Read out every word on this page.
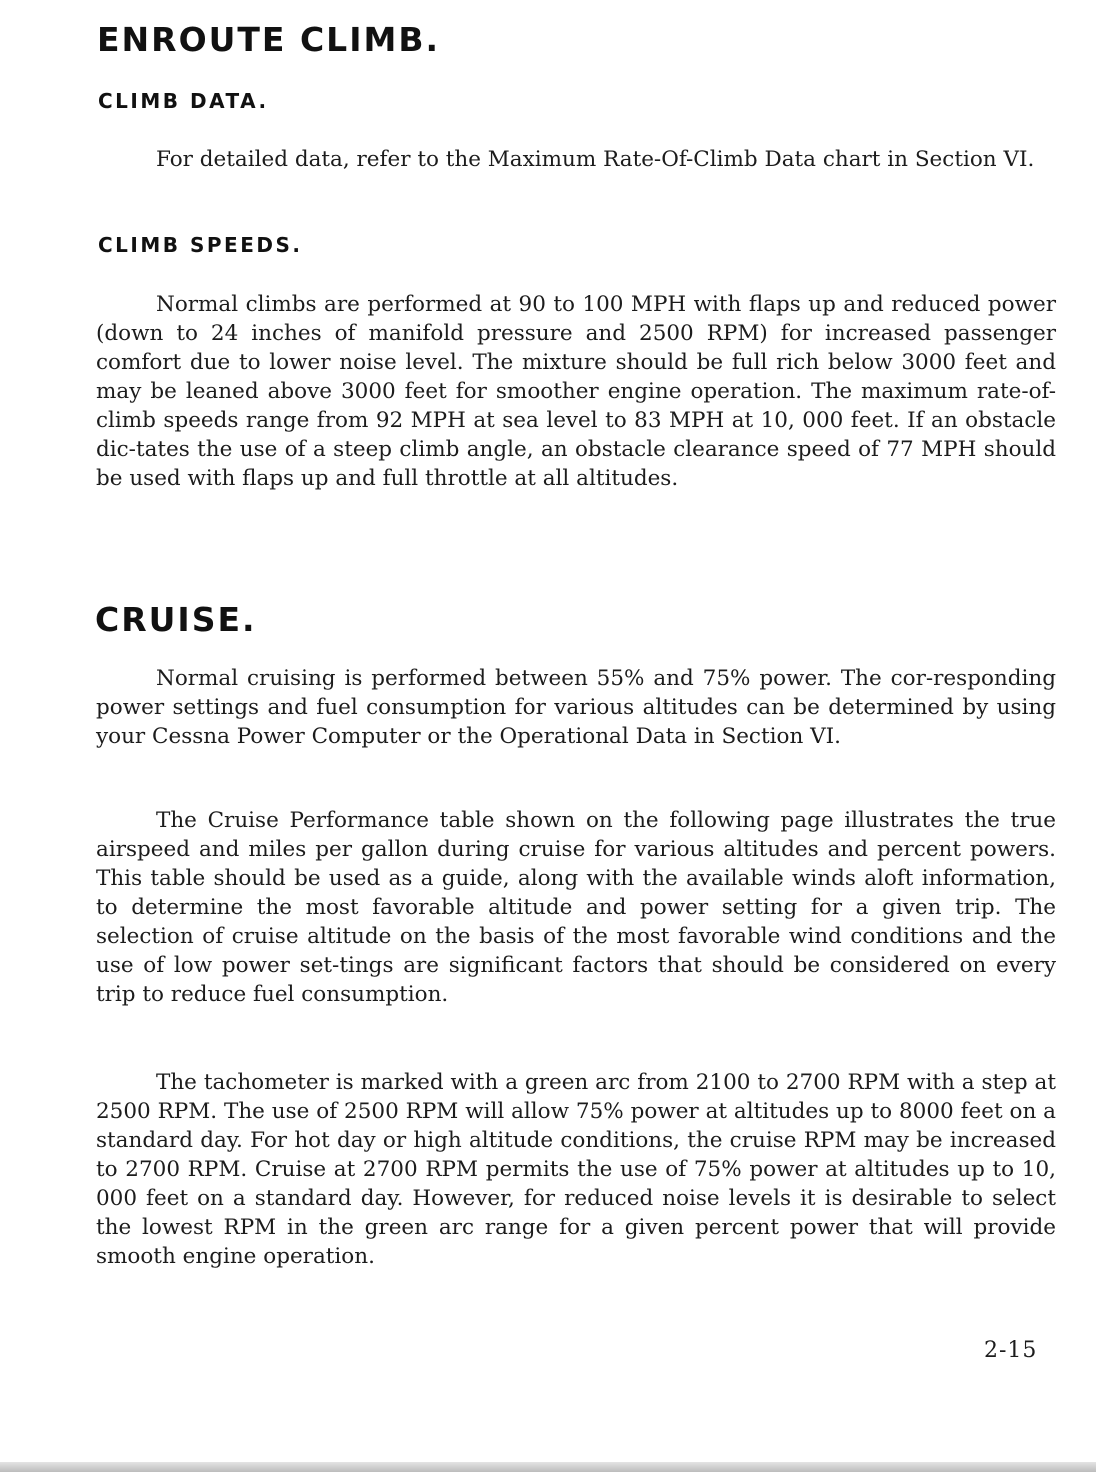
ENROUTE CLIMB.
CLIMB DATA.

For detailed data, refer to the Maximum Rate-Of-Climb Data chart in Section VI.

CLIMB SPEEDS.

Normal climbs are performed at 90 to 100 MPH with flaps up and reduced power (down to 24 inches of manifold pressure and 2500 RPM) for increased passenger comfort due to lower noise level. The mixture should be full rich below 3000 feet and may be leaned above 3000 feet for smoother engine operation. The maximum rate-of-climb speeds range from 92 MPH at sea level to 83 MPH at 10, 000 feet. If an obstacle dic-tates the use of a steep climb angle, an obstacle clearance speed of 77 MPH should be used with flaps up and full throttle at all altitudes.

CRUISE.

Normal cruising is performed between 55% and 75% power. The cor-responding power settings and fuel consumption for various altitudes can be determined by using your Cessna Power Computer or the Operational Data in Section VI.

The Cruise Performance table shown on the following page illustrates the true airspeed and miles per gallon during cruise for various altitudes and percent powers. This table should be used as a guide, along with the available winds aloft information, to determine the most favorable altitude and power setting for a given trip. The selection of cruise altitude on the basis of the most favorable wind conditions and the use of low power set-tings are significant factors that should be considered on every trip to reduce fuel consumption.

The tachometer is marked with a green arc from 2100 to 2700 RPM with a step at 2500 RPM. The use of 2500 RPM will allow 75% power at altitudes up to 8000 feet on a standard day. For hot day or high altitude conditions, the cruise RPM may be increased to 2700 RPM. Cruise at 2700 RPM permits the use of 75% power at altitudes up to 10, 000 feet on a standard day. However, for reduced noise levels it is desirable to select the lowest RPM in the green arc range for a given percent power that will provide smooth engine operation.

2-15
